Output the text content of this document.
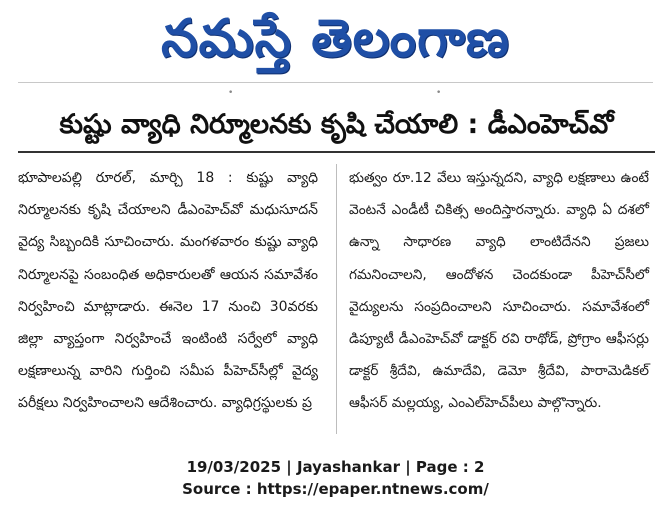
నమస్తే తెలంగాణ
•	•
కుష్టు వ్యాధి నిర్మూలనకు కృషి చేయాలి : డీఎంహెచ్‌వో
భూపాలపల్లి రూరల్, మార్చి 18 : కుష్టు వ్యాధి నిర్మూలనకు కృషి చేయాలని డీఎంహెచ్‌వో మధుసూదన్ వైద్య సిబ్బందికి సూచించారు. మంగళవారం కుష్టు వ్యాధి నిర్మూలనపై సంబంధిత అధికారులతో ఆయన సమావేశం నిర్వహించి మాట్లాడారు. ఈనెల 17 నుంచి 30వరకు జిల్లా వ్యాప్తంగా నిర్వహించే ఇంటింటి సర్వేలో వ్యాధి లక్షణాలున్న వారిని గుర్తించి సమీప పీహెచ్‌సీల్లో వైద్య పరీక్షలు నిర్వహించాలని ఆదేశించారు. వ్యాధిగ్రస్థులకు ప్ర
భుత్వం రూ.12 వేలు ఇస్తున్నదని, వ్యాధి లక్షణాలు ఉంటే వెంటనే ఎండీటీ చికిత్స అందిస్తారన్నారు. వ్యాధి ఏ దశలో ఉన్నా సాధారణ వ్యాధి లాంటిదేనని ప్రజలు గమనించాలని, ఆందోళన చెందకుండా పీహెచ్‌సీలో వైద్యులను సంప్రదించాలని సూచించారు. సమావేశంలో డిప్యూటీ డీఎంహెచ్‌వో డాక్టర్ రవి రాథోడ్, ప్రోగ్రాం ఆఫీసర్లు డాక్టర్ శ్రీదేవి, ఉమాదేవి, డెమో శ్రీదేవి, పారామెడికల్ ఆఫీసర్ మల్లయ్య, ఎంఎల్‌హెచ్‌పీలు పాల్గొన్నారు.
19/03/2025 | Jayashankar | Page : 2
Source : https://epaper.ntnews.com/
